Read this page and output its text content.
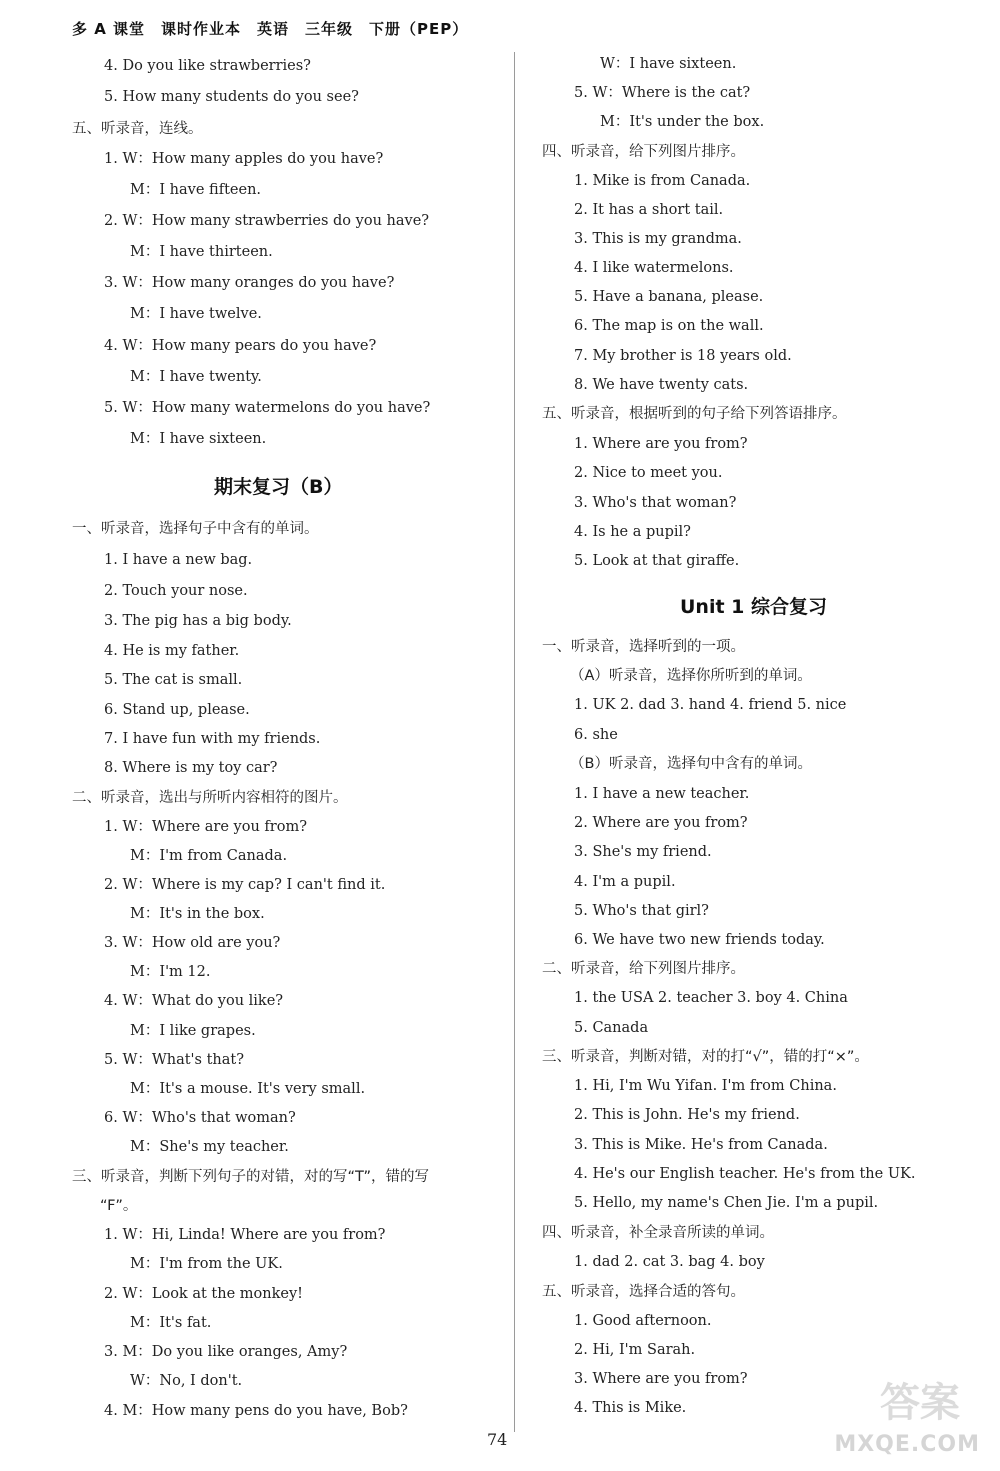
多 A 课堂　课时作业本　英语　三年级　下册（PEP）
4. Do you like strawberries?
5. How many students do you see?
五、听录音，连线。
1. W：How many apples do you have?
M：I have fifteen.
2. W：How many strawberries do you have?
M：I have thirteen.
3. W：How many oranges do you have?
M：I have twelve.
4. W：How many pears do you have?
M：I have twenty.
5. W：How many watermelons do you have?
M：I have sixteen.
一、听录音，选择句子中含有的单词。
1. I have a new bag.
2. Touch your nose.
3. The pig has a big body.
4. He is my father.
5. The cat is small.
6. Stand up, please.
7. I have fun with my friends.
8. Where is my toy car?
二、听录音，选出与所听内容相符的图片。
1. W：Where are you from?
M：I'm from Canada.
2. W：Where is my cap? I can't find it.
M：It's in the box.
3. W：How old are you?
M：I'm 12.
4. W：What do you like?
M：I like grapes.
5. W：What's that?
M：It's a mouse. It's very small.
6. W：Who's that woman?
M：She's my teacher.
三、听录音，判断下列句子的对错，对的写“T”，错的写
“F”。
1. W：Hi, Linda! Where are you from?
M：I'm from the UK.
2. W：Look at the monkey!
M：It's fat.
3. M：Do you like oranges, Amy?
W：No, I don't.
4. M：How many pens do you have, Bob?
期末复习（B）
W：I have sixteen.
5. W：Where is the cat?
M：It's under the box.
四、听录音，给下列图片排序。
1. Mike is from Canada.
2. It has a short tail.
3. This is my grandma.
4. I like watermelons.
5. Have a banana, please.
6. The map is on the wall.
7. My brother is 18 years old.
8. We have twenty cats.
五、听录音，根据听到的句子给下列答语排序。
1. Where are you from?
2. Nice to meet you.
3. Who's that woman?
4. Is he a pupil?
5. Look at that giraffe.
一、听录音，选择听到的一项。
（A）听录音，选择你所听到的单词。
1. UK 2. dad 3. hand 4. friend 5. nice
6. she
（B）听录音，选择句中含有的单词。
1. I have a new teacher.
2. Where are you from?
3. She's my friend.
4. I'm a pupil.
5. Who's that girl?
6. We have two new friends today.
二、听录音，给下列图片排序。
1. the USA 2. teacher 3. boy 4. China
5. Canada
三、听录音，判断对错，对的打“√”，错的打“×”。
1. Hi, I'm Wu Yifan. I'm from China.
2. This is John. He's my friend.
3. This is Mike. He's from Canada.
4. He's our English teacher. He's from the UK.
5. Hello, my name's Chen Jie. I'm a pupil.
四、听录音，补全录音所读的单词。
1. dad 2. cat 3. bag 4. boy
五、听录音，选择合适的答句。
1. Good afternoon.
2. Hi, I'm Sarah.
3. Where are you from?
4. This is Mike.
Unit 1 综合复习
74
答案
MXQE.COM
